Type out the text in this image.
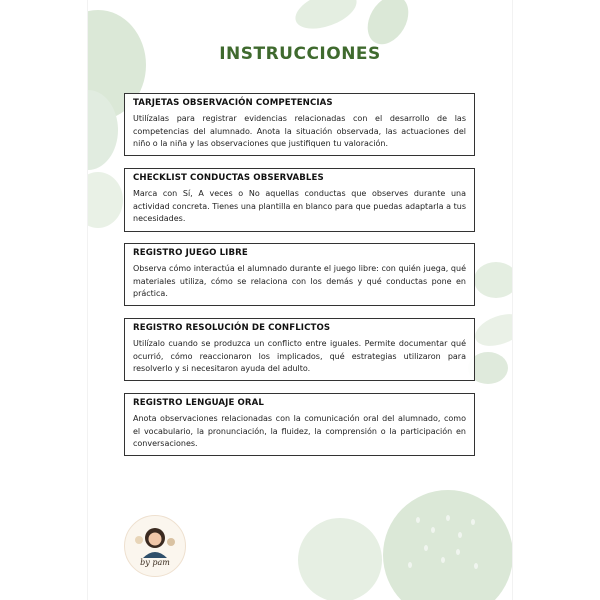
INSTRUCCIONES
TARJETAS OBSERVACIÓN COMPETENCIAS
Utilízalas para registrar evidencias relacionadas con el desarrollo de las competencias del alumnado. Anota la situación observada, las actuaciones del niño o la niña y las observaciones que justifiquen tu valoración.
CHECKLIST CONDUCTAS OBSERVABLES
Marca con Sí, A veces o No aquellas conductas que observes durante una actividad concreta. Tienes una plantilla en blanco para que puedas adaptarla a tus necesidades.
REGISTRO JUEGO LIBRE
Observa cómo interactúa el alumnado durante el juego libre: con quién juega, qué materiales utiliza, cómo se relaciona con los demás y qué conductas pone en práctica.
REGISTRO RESOLUCIÓN DE CONFLICTOS
Utilízalo cuando se produzca un conflicto entre iguales. Permite documentar qué ocurrió, cómo reaccionaron los implicados, qué estrategias utilizaron para resolverlo y si necesitaron ayuda del adulto.
REGISTRO LENGUAJE ORAL
Anota observaciones relacionadas con la comunicación oral del alumnado, como el vocabulario, la pronunciación, la fluidez, la comprensión o la participación en conversaciones.
by pam
